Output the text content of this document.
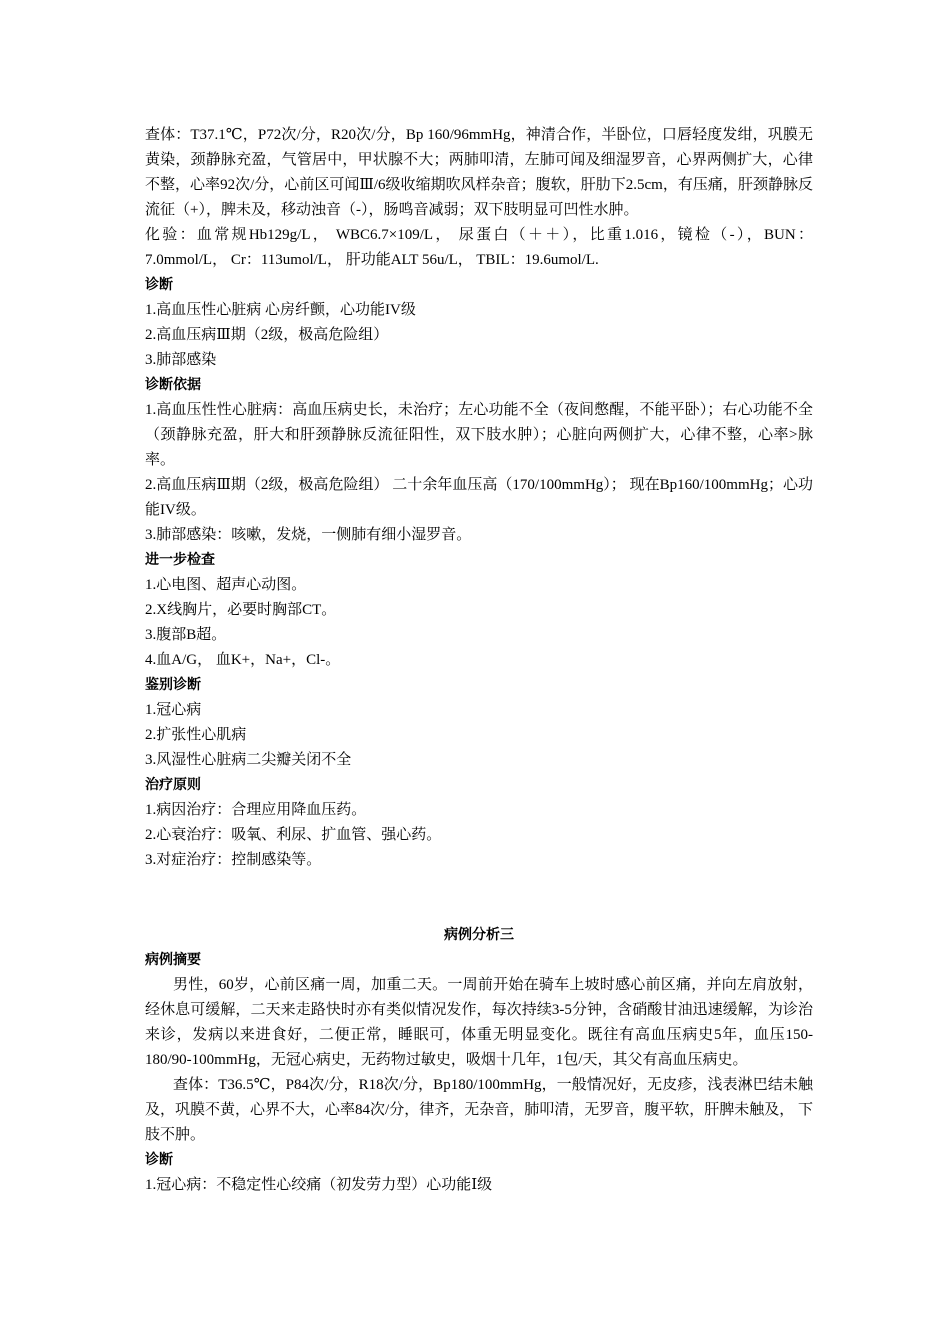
查体：T37.1℃，P72次/分，R20次/分，Bp 160/96mmHg，神清合作，半卧位，口唇轻度发绀，巩膜无黄染，颈静脉充盈，气管居中，甲状腺不大；两肺叩清，左肺可闻及细湿罗音，心界两侧扩大，心律不整，心率92次/分，心前区可闻Ⅲ/6级收缩期吹风样杂音；腹软，肝肋下2.5cm，有压痛，肝颈静脉反流征（+），脾未及，移动浊音（-），肠鸣音减弱；双下肢明显可凹性水肿。

化验：血常规Hb129g/L， WBC6.7×109/L， 尿蛋白（＋＋），比重1.016，镜检（-），BUN：7.0mmol/L， Cr：113umol/L， 肝功能ALT 56u/L， TBIL：19.6umol/L.

诊断

1.高血压性心脏病 心房纤颤，心功能IV级

2.高血压病Ⅲ期（2级，极高危险组）

3.肺部感染

诊断依据

1.高血压性性心脏病：高血压病史长，未治疗；左心功能不全（夜间憋醒，不能平卧）；右心功能不全（颈静脉充盈，肝大和肝颈静脉反流征阳性，双下肢水肿）；心脏向两侧扩大，心律不整，心率>脉率。

2.高血压病Ⅲ期（2级，极高危险组） 二十余年血压高（170/100mmHg）； 现在Bp160/100mmHg；心功能IV级。

3.肺部感染：咳嗽，发烧，一侧肺有细小湿罗音。

进一步检查

1.心电图、超声心动图。

2.X线胸片，必要时胸部CT。

3.腹部B超。

4.血A/G， 血K+，Na+，Cl-。

鉴别诊断

1.冠心病

2.扩张性心肌病

3.风湿性心脏病二尖瓣关闭不全

治疗原则

1.病因治疗：合理应用降血压药。

2.心衰治疗：吸氧、利尿、扩血管、强心药。

3.对症治疗：控制感染等。

病例分析三

病例摘要

男性，60岁，心前区痛一周，加重二天。一周前开始在骑车上坡时感心前区痛，并向左肩放射，经休息可缓解，二天来走路快时亦有类似情况发作，每次持续3-5分钟，含硝酸甘油迅速缓解，为诊治来诊，发病以来进食好，二便正常，睡眠可，体重无明显变化。既往有高血压病史5年，血压150-180/90-100mmHg，无冠心病史，无药物过敏史，吸烟十几年，1包/天，其父有高血压病史。

查体：T36.5℃，P84次/分，R18次/分，Bp180/100mmHg，一般情况好，无皮疹，浅表淋巴结未触及，巩膜不黄，心界不大，心率84次/分，律齐，无杂音，肺叩清，无罗音，腹平软，肝脾未触及， 下肢不肿。

诊断

1.冠心病：不稳定性心绞痛（初发劳力型）心功能Ⅰ级
